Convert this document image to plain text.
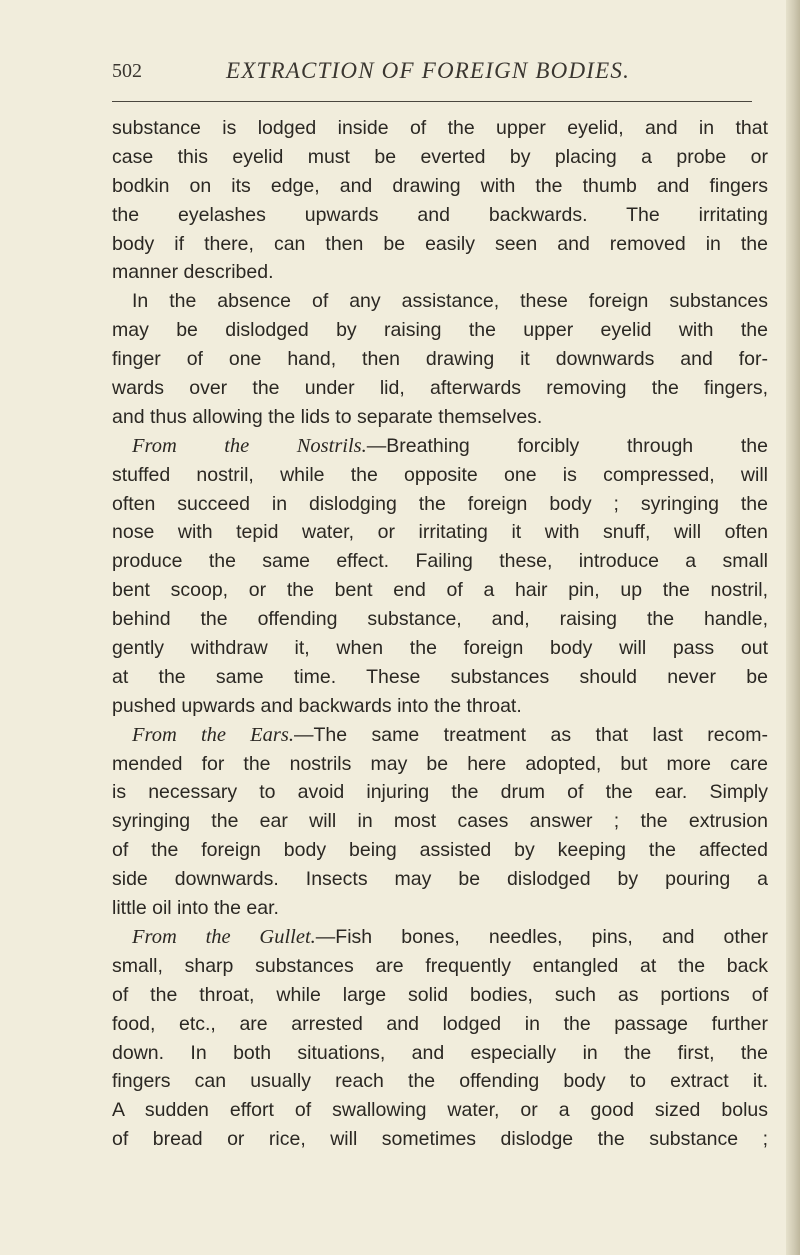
502	EXTRACTION OF FOREIGN BODIES.
substance is lodged inside of the upper eyelid, and in that
case this eyelid must be everted by placing a probe or
bodkin on its edge, and drawing with the thumb and fingers
the eyelashes upwards and backwards. The irritating
body if there, can then be easily seen and removed in the
manner described.
In the absence of any assistance, these foreign substances
may be dislodged by raising the upper eyelid with the
finger of one hand, then drawing it downwards and for-
wards over the under lid, afterwards removing the fingers,
and thus allowing the lids to separate themselves.
From the Nostrils.—Breathing forcibly through the
stuffed nostril, while the opposite one is compressed, will
often succeed in dislodging the foreign body ; syringing the
nose with tepid water, or irritating it with snuff, will often
produce the same effect. Failing these, introduce a small
bent scoop, or the bent end of a hair pin, up the nostril,
behind the offending substance, and, raising the handle,
gently withdraw it, when the foreign body will pass out
at the same time. These substances should never be
pushed upwards and backwards into the throat.
From the Ears.—The same treatment as that last recom-
mended for the nostrils may be here adopted, but more care
is necessary to avoid injuring the drum of the ear. Simply
syringing the ear will in most cases answer ; the extrusion
of the foreign body being assisted by keeping the affected
side downwards. Insects may be dislodged by pouring a
little oil into the ear.
From the Gullet.—Fish bones, needles, pins, and other
small, sharp substances are frequently entangled at the back
of the throat, while large solid bodies, such as portions of
food, etc., are arrested and lodged in the passage further
down. In both situations, and especially in the first, the
fingers can usually reach the offending body to extract it.
A sudden effort of swallowing water, or a good sized bolus
of bread or rice, will sometimes dislodge the substance ;
